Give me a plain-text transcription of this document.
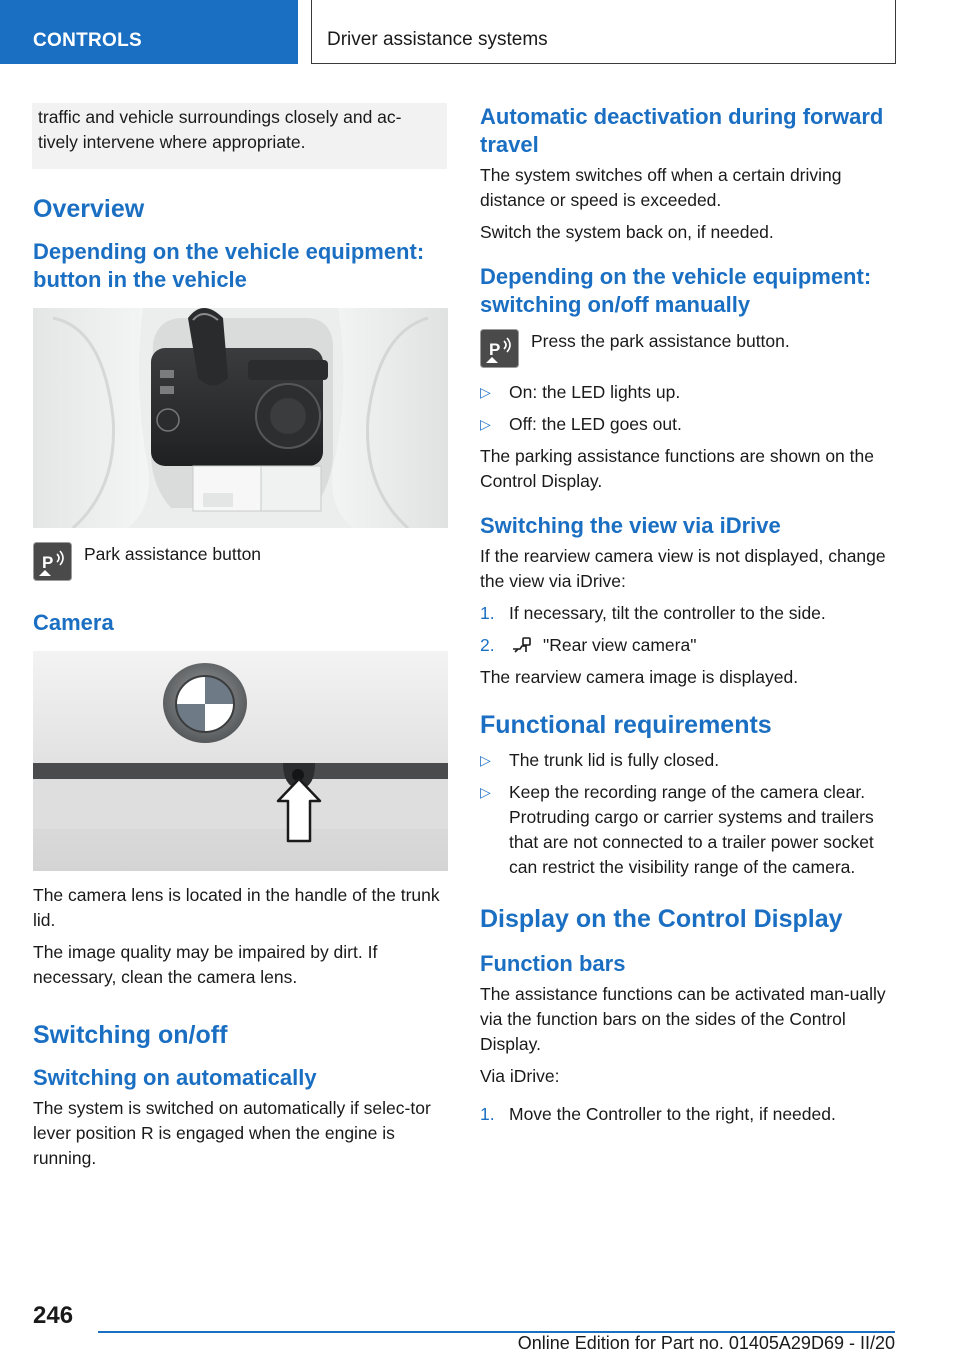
CONTROLS	Driver assistance systems

traffic and vehicle surroundings closely and ac‐tively intervene where appropriate.

Overview
Depending on the vehicle equipment: button in the vehicle
P Park assistance button

Camera

The camera lens is located in the handle of the trunk lid.

The image quality may be impaired by dirt. If necessary, clean the camera lens.

Switching on/off
Switching on automatically

The system is switched on automatically if selec‐tor lever position R is engaged when the engine is running.

Automatic deactivation during forward travel

The system switches off when a certain driving distance or speed is exceeded.

Switch the system back on, if needed.

Depending on the vehicle equipment: switching on/off manually
P Press the park assistance button.

▷ On: the LED lights up.
▷ Off: the LED goes out.

The parking assistance functions are shown on the Control Display.

Switching the view via iDrive

If the rearview camera view is not displayed, change the view via iDrive:

1. If necessary, tilt the controller to the side.
2.	"Rear view camera"

The rearview camera image is displayed.

Functional requirements
▷ The trunk lid is fully closed.
▷ Keep the recording range of the camera clear. Protruding cargo or carrier systems and trailers that are not connected to a trailer power socket can restrict the visibility range of the camera.
Display on the Control Display
Function bars

The assistance functions can be activated man‐ually via the function bars on the sides of the Control Display.

Via iDrive:

1. Move the Controller to the right, if needed.
246
Online Edition for Part no. 01405A29D69 - II/20
